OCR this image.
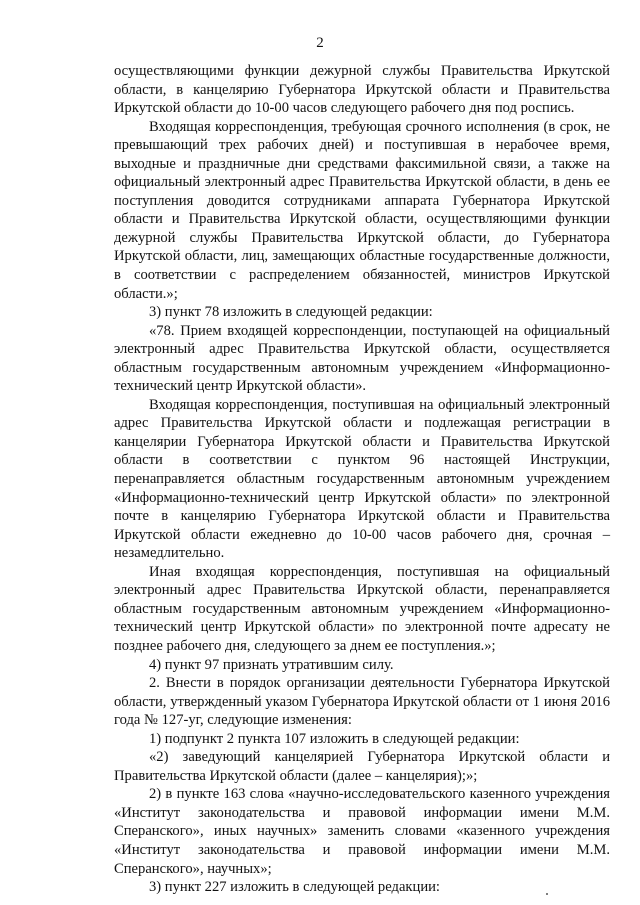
2

осуществляющими функции дежурной службы Правительства Иркутской области, в канцелярию Губернатора Иркутской области и Правительства Иркутской области до 10-00 часов следующего рабочего дня под роспись.

Входящая корреспонденция, требующая срочного исполнения (в срок, не превышающий трех рабочих дней) и поступившая в нерабочее время, выходные и праздничные дни средствами факсимильной связи, а также на официальный электронный адрес Правительства Иркутской области, в день ее поступления доводится сотрудниками аппарата Губернатора Иркутской области и Правительства Иркутской области, осуществляющими функции дежурной службы Правительства Иркутской области, до Губернатора Иркутской области, лиц, замещающих областные государственные должности, в соответствии с распределением обязанностей, министров Иркутской области.»;

3) пункт 78 изложить в следующей редакции:

«78. Прием входящей корреспонденции, поступающей на официальный электронный адрес Правительства Иркутской области, осуществляется областным государственным автономным учреждением «Информационно-технический центр Иркутской области».

Входящая корреспонденция, поступившая на официальный электронный адрес Правительства Иркутской области и подлежащая регистрации в канцелярии Губернатора Иркутской области и Правительства Иркутской области в соответствии с пунктом 96 настоящей Инструкции, перенаправляется областным государственным автономным учреждением «Информационно-технический центр Иркутской области» по электронной почте в канцелярию Губернатора Иркутской области и Правительства Иркутской области ежедневно до 10-00 часов рабочего дня, срочная – незамедлительно.

Иная входящая корреспонденция, поступившая на официальный электронный адрес Правительства Иркутской области, перенаправляется областным государственным автономным учреждением «Информационно-технический центр Иркутской области» по электронной почте адресату не позднее рабочего дня, следующего за днем ее поступления.»;

4) пункт 97 признать утратившим силу.

2. Внести в порядок организации деятельности Губернатора Иркутской области, утвержденный указом Губернатора Иркутской области от 1 июня 2016 года № 127-уг, следующие изменения:

1) подпункт 2 пункта 107 изложить в следующей редакции:

«2) заведующий канцелярией Губернатора Иркутской области и Правительства Иркутской области (далее – канцелярия);»;

2) в пункте 163 слова «научно-исследовательского казенного учреждения «Институт законодательства и правовой информации имени М.М. Сперанского», иных научных» заменить словами «казенного учреждения «Институт законодательства и правовой информации имени М.М. Сперанского», научных»;

3) пункт 227 изложить в следующей редакции:
